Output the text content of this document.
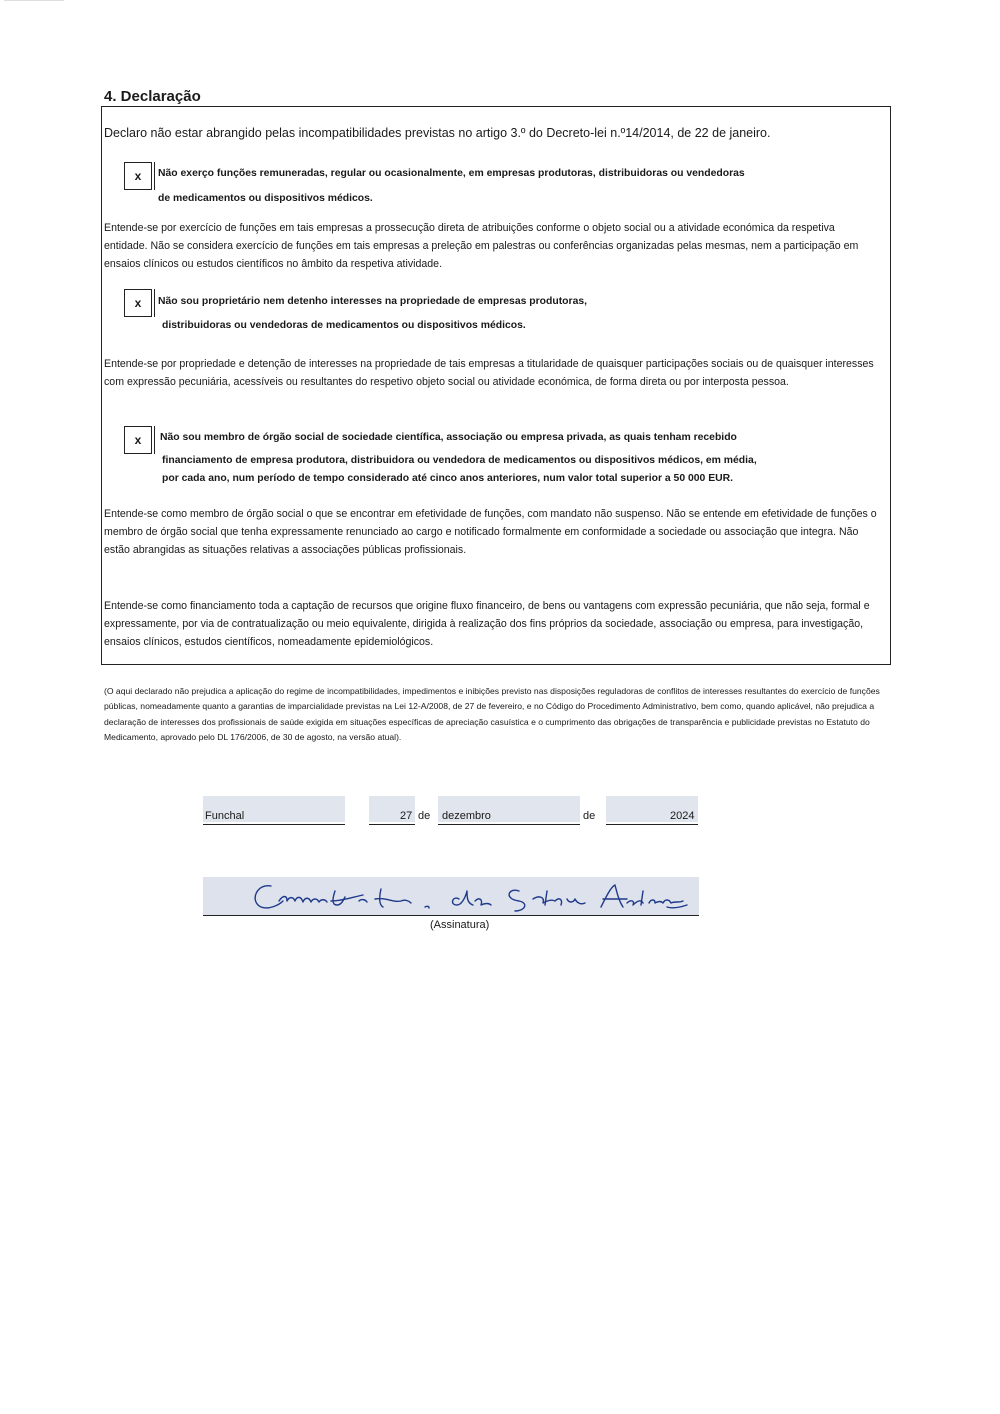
4. Declaração

Declaro não estar abrangido pelas incompatibilidades previstas no artigo 3.º do Decreto-lei n.º14/2014, de 22 de janeiro.

x Não exerço funções remuneradas, regular ou ocasionalmente, em empresas produtoras, distribuidoras ou vendedoras

de medicamentos ou dispositivos médicos.

Entende-se por exercício de funções em tais empresas a prossecução direta de atribuições conforme o objeto social ou a atividade económica da respetiva entidade. Não se considera exercício de funções em tais empresas a preleção em palestras ou conferências organizadas pelas mesmas, nem a participação em ensaios clínicos ou estudos científicos no âmbito da respetiva atividade.

x Não sou proprietário nem detenho interesses na propriedade de empresas produtoras,

distribuidoras ou vendedoras de medicamentos ou dispositivos médicos.

Entende-se por propriedade e detenção de interesses na propriedade de tais empresas a titularidade de quaisquer participações sociais ou de quaisquer interesses com expressão pecuniária, acessíveis ou resultantes do respetivo objeto social ou atividade económica, de forma direta ou por interposta pessoa.

x Não sou membro de órgão social de sociedade científica, associação ou empresa privada, as quais tenham recebido

financiamento de empresa produtora, distribuidora ou vendedora de medicamentos ou dispositivos médicos, em média,

por cada ano, num período de tempo considerado até cinco anos anteriores, num valor total superior a 50 000 EUR.

Entende-se como membro de órgão social o que se encontrar em efetividade de funções, com mandato não suspenso. Não se entende em efetividade de funções o membro de órgão social que tenha expressamente renunciado ao cargo e notificado formalmente em conformidade a sociedade ou associação que integra. Não estão abrangidas as situações relativas a associações públicas profissionais.

Entende-se como financiamento toda a captação de recursos que origine fluxo financeiro, de bens ou vantagens com expressão pecuniária, que não seja, formal e expressamente, por via de contratualização ou meio equivalente, dirigida à realização dos fins próprios da sociedade, associação ou empresa, para investigação, ensaios clínicos, estudos científicos, nomeadamente epidemiológicos.

(O aqui declarado não prejudica a aplicação do regime de incompatibilidades, impedimentos e inibições previsto nas disposições reguladoras de conflitos de interesses resultantes do exercício de funções públicas, nomeadamente quanto a garantias de imparcialidade previstas na Lei 12-A/2008, de 27 de fevereiro, e no Código do Procedimento Administrativo, bem como, quando aplicável, não prejudica a declaração de interesses dos profissionais de saúde exigida em situações específicas de apreciação casuística e o cumprimento das obrigações de transparência e publicidade previstas no Estatuto do Medicamento, aprovado pelo DL 176/2006, de 30 de agosto, na versão atual).

Funchal	27 de dezembro	de	2024
(Assinatura)
